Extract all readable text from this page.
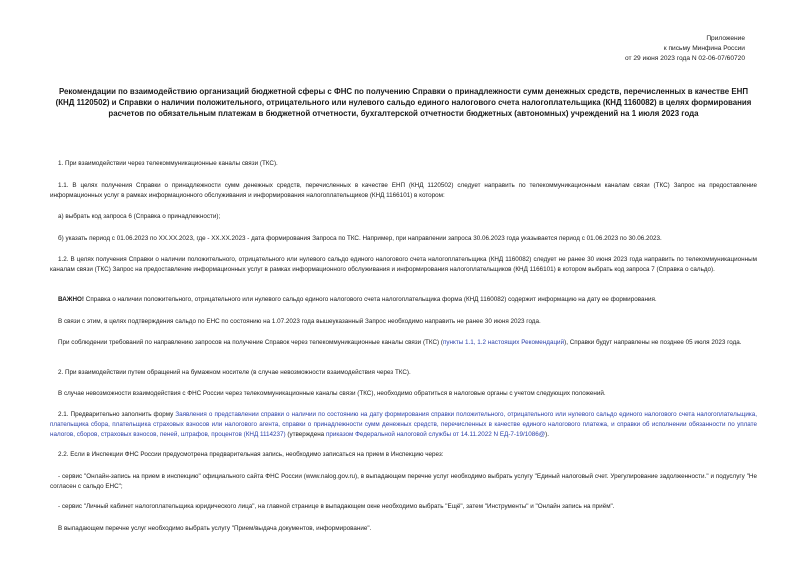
Приложение
к письму Минфина России
от 29 июня 2023 года N 02-06-07/60720
Рекомендации по взаимодействию организаций бюджетной сферы с ФНС по получению Справки о принадлежности сумм денежных средств, перечисленных в качестве ЕНП (КНД 1120502) и Справки о наличии положительного, отрицательного или нулевого сальдо единого налогового счета налогоплательщика (КНД 1160082) в целях формирования расчетов по обязательным платежам в бюджетной отчетности, бухгалтерской отчетности бюджетных (автономных) учреждений на 1 июля 2023 года
1. При взаимодействии через телекоммуникационные каналы связи (ТКС).
1.1. В целях получения Справки о принадлежности сумм денежных средств, перечисленных в качестве ЕНП (КНД 1120502) следует направить по телекоммуникационным каналам связи (ТКС) Запрос на предоставление информационных услуг в рамках информационного обслуживания и информирования налогоплательщиков (КНД 1166101) в котором:
а) выбрать код запроса 6 (Справка о принадлежности);
б) указать период с 01.06.2023 по XX.XX.2023, где - XX.XX.2023 - дата формирования Запроса по ТКС. Например, при направлении запроса 30.06.2023 года указывается период с 01.06.2023 по 30.06.2023.
1.2. В целях получения Справки о наличии положительного, отрицательного или нулевого сальдо единого налогового счета налогоплательщика (КНД 1160082) следует не ранее 30 июня 2023 года направить по телекоммуникационным каналам связи (ТКС) Запрос на предоставление информационных услуг в рамках информационного обслуживания и информирования налогоплательщиков (КНД 1166101) в котором выбрать код запроса 7 (Справка о сальдо).
ВАЖНО! Справка о наличии положительного, отрицательного или нулевого сальдо единого налогового счета налогоплательщика форма (КНД 1160082) содержит информацию на дату ее формирования.
В связи с этим, в целях подтверждения сальдо по ЕНС по состоянию на 1.07.2023 года вышеуказанный Запрос необходимо направить не ранее 30 июня 2023 года.
При соблюдении требований по направлению запросов на получение Справок через телекоммуникационные каналы связи (ТКС) (пункты 1.1, 1.2 настоящих Рекомендаций), Справки будут направлены не позднее 05 июля 2023 года.
2. При взаимодействии путем обращений на бумажном носителе (в случае невозможности взаимодействия через ТКС).
В случае невозможности взаимодействия с ФНС России через телекоммуникационные каналы связи (ТКС), необходимо обратиться в налоговые органы с учетом следующих положений.
2.1. Предварительно заполнить форму Заявления о представлении справки о наличии по состоянию на дату формирования справки положительного, отрицательного или нулевого сальдо единого налогового счета налогоплательщика, плательщика сбора, плательщика страховых взносов или налогового агента, справки о принадлежности сумм денежных средств, перечисленных в качестве единого налогового платежа, и справки об исполнении обязанности по уплате налогов, сборов, страховых взносов, пеней, штрафов, процентов (КНД 1114237) (утверждена приказом Федеральной налоговой службы от 14.11.2022 N ЕД-7-19/1086@).
2.2. Если в Инспекции ФНС России предусмотрена предварительная запись, необходимо записаться на прием в Инспекцию через:
- сервис "Онлайн-запись на прием в инспекцию" официального сайта ФНС России (www.nalog.gov.ru), в выпадающем перечне услуг необходимо выбрать услугу "Единый налоговый счет. Урегулирование задолженности." и подуслугу "Не согласен с сальдо ЕНС";
- сервис "Личный кабинет налогоплательщика юридического лица", на главной странице в выпадающем окне необходимо выбрать "Ещё", затем "Инструменты" и "Онлайн запись на приём".
В выпадающем перечне услуг необходимо выбрать услугу "Прием/выдача документов, информирование".
